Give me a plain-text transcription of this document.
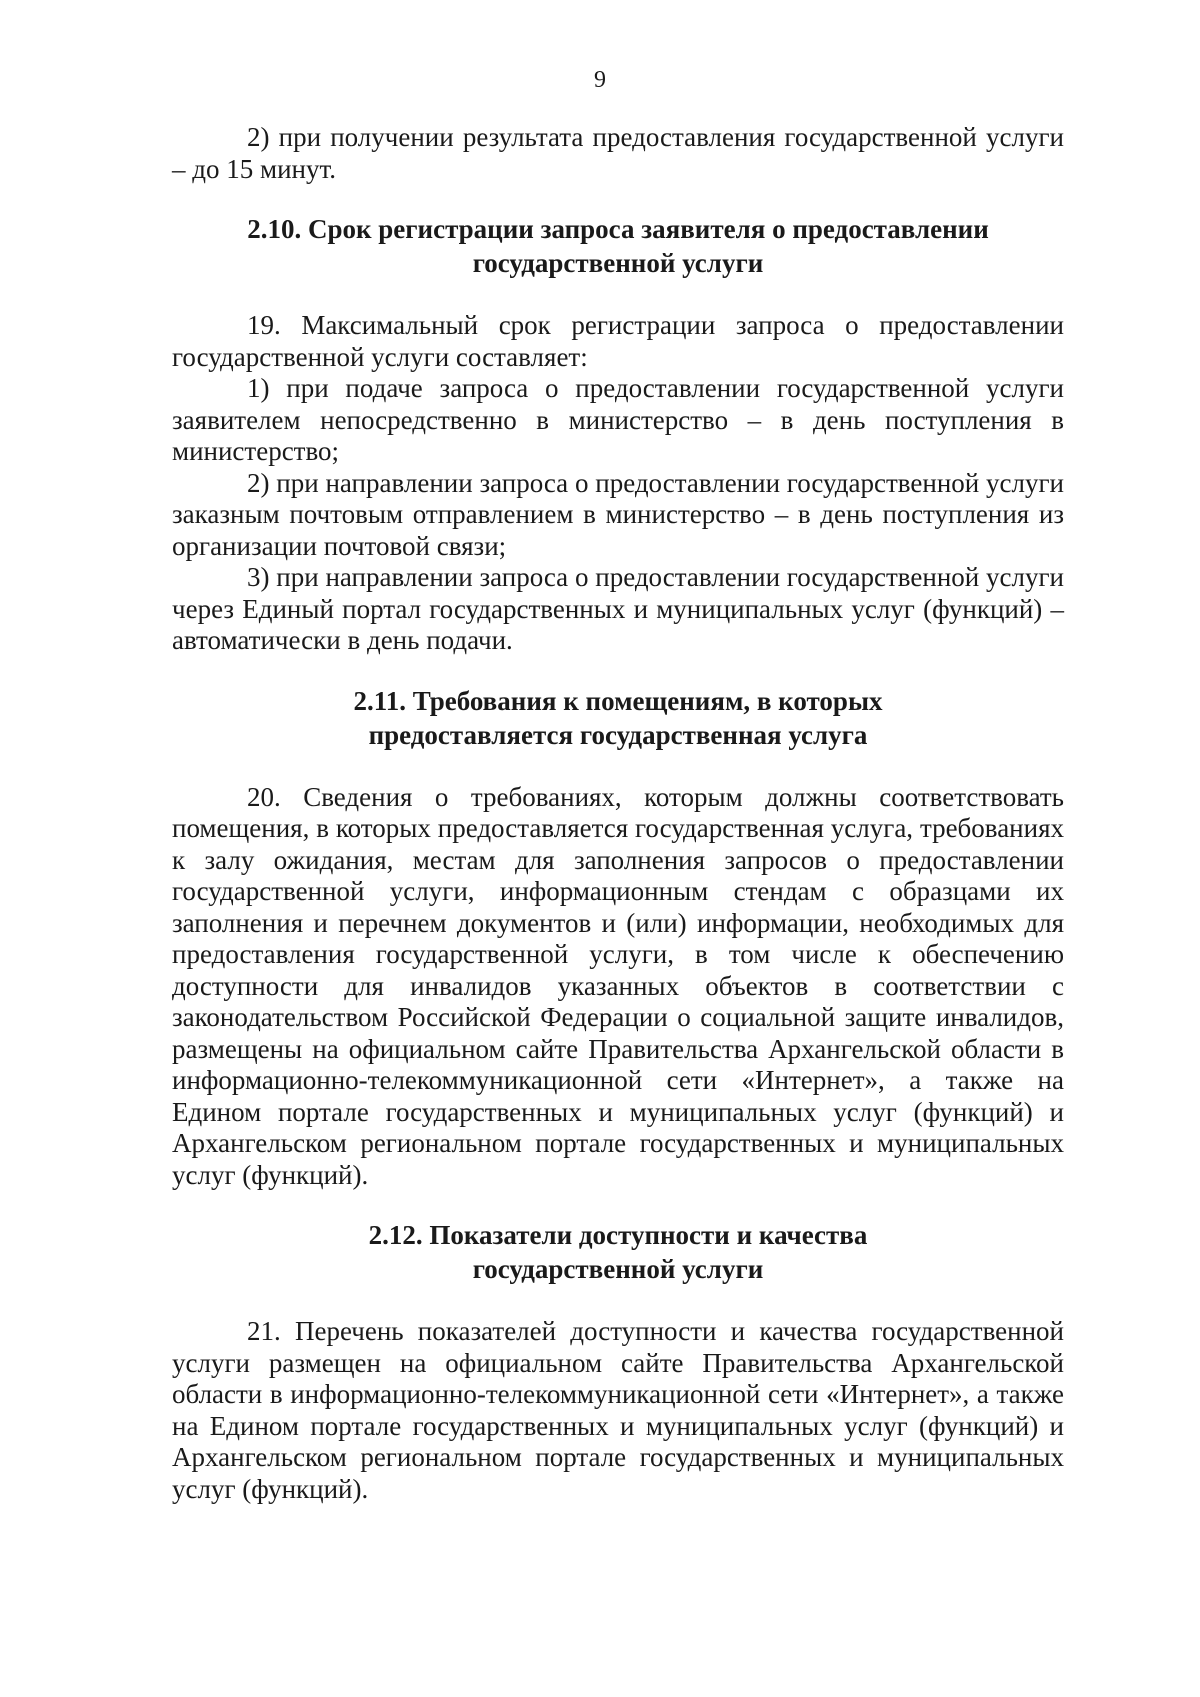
9

2) при получении результата предоставления государственной услуги – до 15 минут.

2.10. Срок регистрации запроса заявителя о предоставлении
государственной услуги

19. Максимальный срок регистрации запроса о предоставлении государственной услуги составляет:

1) при подаче запроса о предоставлении государственной услуги заявителем непосредственно в министерство – в день поступления в министерство;

2) при направлении запроса о предоставлении государственной услуги заказным почтовым отправлением в министерство – в день поступления из организации почтовой связи;

3) при направлении запроса о предоставлении государственной услуги через Единый портал государственных и муниципальных услуг (функций) – автоматически в день подачи.

2.11. Требования к помещениям, в которых
предоставляется государственная услуга

20. Сведения о требованиях, которым должны соответствовать помещения, в которых предоставляется государственная услуга, требованиях к залу ожидания, местам для заполнения запросов о предоставлении государственной услуги, информационным стендам с образцами их заполнения и перечнем документов и (или) информации, необходимых для предоставления государственной услуги, в том числе к обеспечению доступности для инвалидов указанных объектов в соответствии с законодательством Российской Федерации о социальной защите инвалидов, размещены на официальном сайте Правительства Архангельской области в информационно-телекоммуникационной сети «Интернет», а также на Едином портале государственных и муниципальных услуг (функций) и Архангельском региональном портале государственных и муниципальных услуг (функций).

2.12. Показатели доступности и качества
государственной услуги

21. Перечень показателей доступности и качества государственной услуги размещен на официальном сайте Правительства Архангельской области в информационно-телекоммуникационной сети «Интернет», а также на Едином портале государственных и муниципальных услуг (функций) и Архангельском региональном портале государственных и муниципальных услуг (функций).
